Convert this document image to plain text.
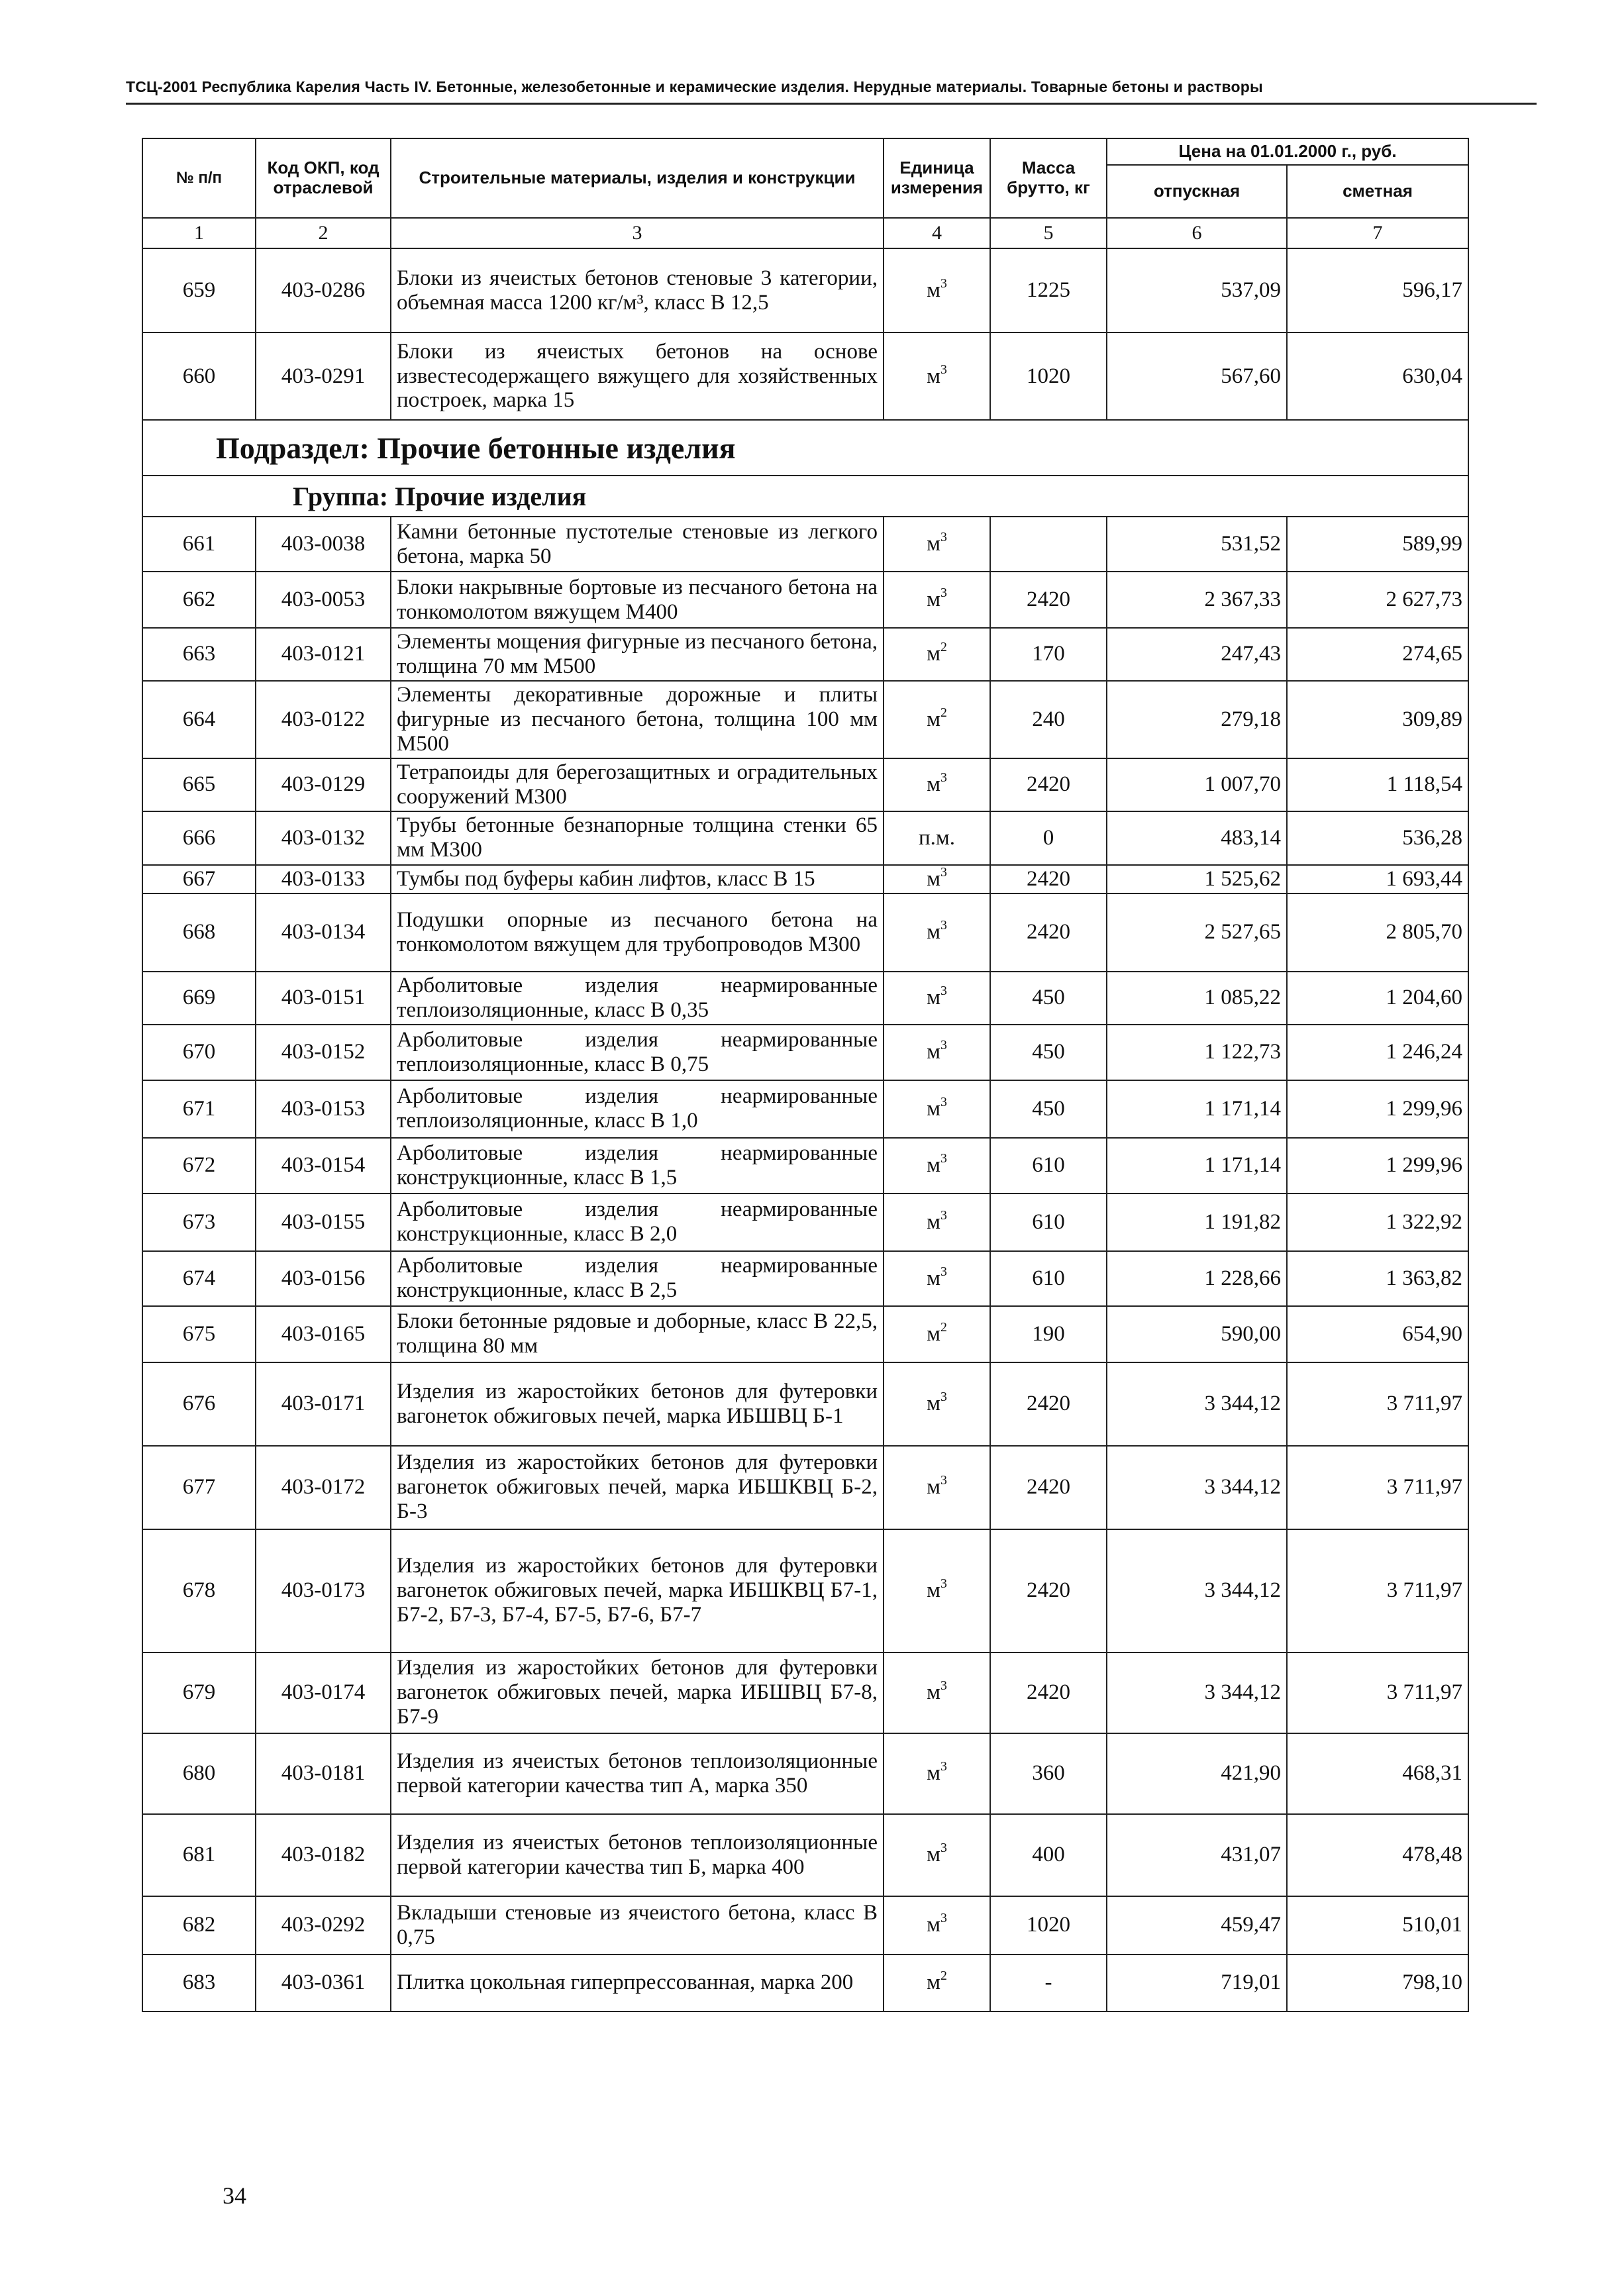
ТСЦ-2001 Республика Карелия Часть IV. Бетонные, железобетонные и керамические изделия. Нерудные материалы. Товарные бетоны и растворы
№ п/п	Код ОКП, код отраслевой	Строительные материалы, изделия и конструкции	Единица измерения	Масса брутто, кг	Цена на 01.01.2000 г., руб.	
					отпускная	сметная
1	2	3	4	5	6	7
659	403-0286	Блоки из ячеистых бетонов стеновые 3 категории, объемная масса 1200 кг/м³, класс В 12,5	$м^3$	1225	537,09	596,17
660	403-0291	Блоки из ячеистых бетонов на основе известесодержащего вяжущего для хозяйственных построек, марка 15	$м^3$	1020	567,60	630,04
Подраздел: Прочие бетонные изделия						
Группа: Прочие изделия						
661	403-0038	Камни бетонные пустотелые стеновые из легкого бетона, марка 50	$м^3$		531,52	589,99
662	403-0053	Блоки накрывные бортовые из песчаного бетона на тонкомолотом вяжущем М400	$м^3$	2420	2 367,33	2 627,73
663	403-0121	Элементы мощения фигурные из песчаного бетона, толщина 70 мм М500	$м^2$	170	247,43	274,65
664	403-0122	Элементы декоративные дорожные и плиты фигурные из песчаного бетона, толщина 100 мм М500	$м^2$	240	279,18	309,89
665	403-0129	Тетрапоиды для берегозащитных и оградительных сооружений М300	$м^3$	2420	1 007,70	1 118,54
666	403-0132	Трубы бетонные безнапорные толщина стенки 65 мм М300	п.м.	0	483,14	536,28
667	403-0133	Тумбы под буферы кабин лифтов, класс В 15	$м^3$	2420	1 525,62	1 693,44
668	403-0134	Подушки опорные из песчаного бетона на тонкомолотом вяжущем для трубопроводов М300	$м^3$	2420	2 527,65	2 805,70
669	403-0151	Арболитовые изделия неармированные теплоизоляционные, класс В 0,35	$м^3$	450	1 085,22	1 204,60
670	403-0152	Арболитовые изделия неармированные теплоизоляционные, класс В 0,75	$м^3$	450	1 122,73	1 246,24
671	403-0153	Арболитовые изделия неармированные теплоизоляционные, класс В 1,0	$м^3$	450	1 171,14	1 299,96
672	403-0154	Арболитовые изделия неармированные конструкционные, класс В 1,5	$м^3$	610	1 171,14	1 299,96
673	403-0155	Арболитовые изделия неармированные конструкционные, класс В 2,0	$м^3$	610	1 191,82	1 322,92
674	403-0156	Арболитовые изделия неармированные конструкционные, класс В 2,5	$м^3$	610	1 228,66	1 363,82
675	403-0165	Блоки бетонные рядовые и доборные, класс В 22,5, толщина 80 мм	$м^2$	190	590,00	654,90
676	403-0171	Изделия из жаростойких бетонов для футеровки вагонеток обжиговых печей, марка ИБШВЦ Б-1	$м^3$	2420	3 344,12	3 711,97
677	403-0172	Изделия из жаростойких бетонов для футеровки вагонеток обжиговых печей, марка ИБШКВЦ Б-2, Б-3	$м^3$	2420	3 344,12	3 711,97
678	403-0173	Изделия из жаростойких бетонов для футеровки вагонеток обжиговых печей, марка ИБШКВЦ Б7-1, Б7-2, Б7-3, Б7-4, Б7-5, Б7-6, Б7-7	$м^3$	2420	3 344,12	3 711,97
679	403-0174	Изделия из жаростойких бетонов для футеровки вагонеток обжиговых печей, марка ИБШВЦ Б7-8, Б7-9	$м^3$	2420	3 344,12	3 711,97
680	403-0181	Изделия из ячеистых бетонов теплоизоляционные первой категории качества тип А, марка 350	$м^3$	360	421,90	468,31
681	403-0182	Изделия из ячеистых бетонов теплоизоляционные первой категории качества тип Б, марка 400	$м^3$	400	431,07	478,48
682	403-0292	Вкладыши стеновые из ячеистого бетона, класс В 0,75	$м^3$	1020	459,47	510,01
683	403-0361	Плитка цокольная гиперпрессованная, марка 200	$м^2$	-	719,01	798,10
34
